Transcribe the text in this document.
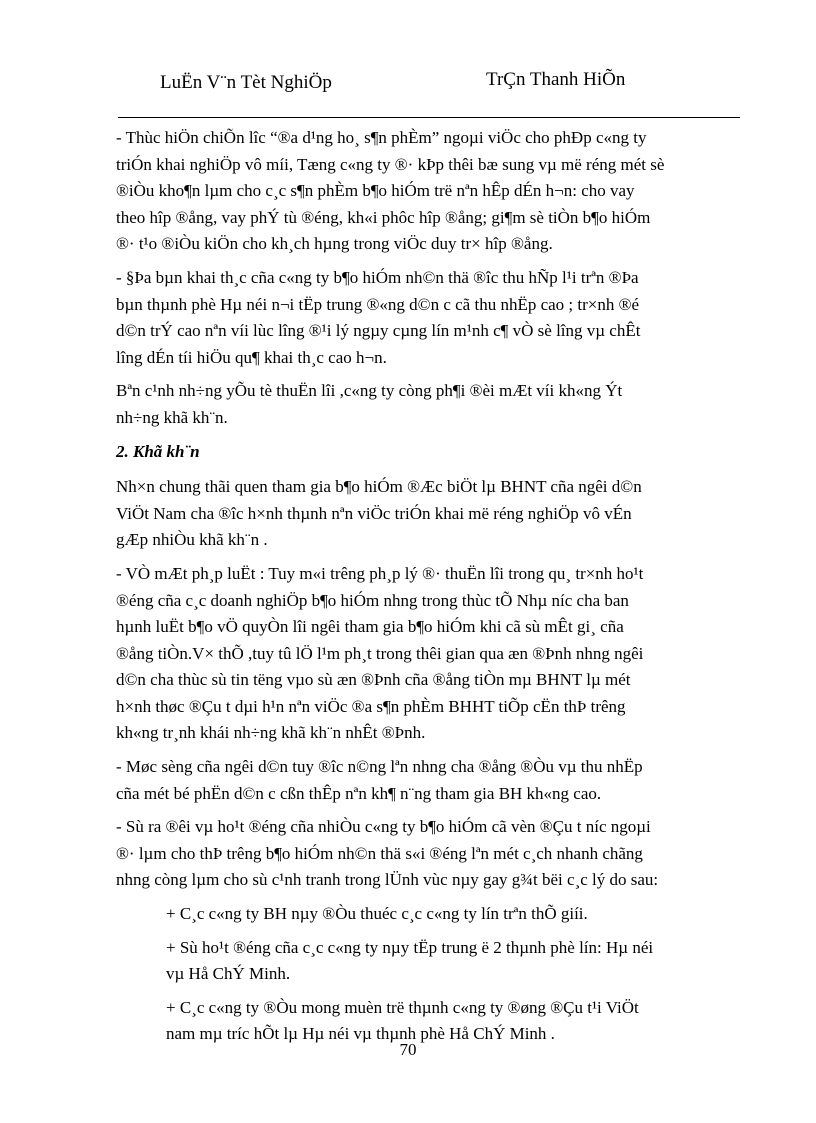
LuËn V¨n Tèt NghiÖp	TrÇn Thanh HiÕn

- Thùc hiÖn chiÕn lîc “®a d¹ng ho¸ s¶n phÈm” ngoµi viÖc cho phÐp c«ng ty
triÓn khai nghiÖp vô míi, Tæng c«ng ty ®· kÞp thêi bæ sung vµ më réng mét sè
®iÒu kho¶n lµm cho c¸c s¶n phÈm b¶o hiÓm trë nªn hÊp dÉn h¬n: cho vay
theo hîp ®ång, vay phÝ tù ®éng, kh«i phôc hîp ®ång; gi¶m sè tiÒn b¶o hiÓm
®· t¹o ®iÒu kiÖn cho kh¸ch hµng trong viÖc duy tr× hîp ®ång.

- §Þa bµn khai th¸c cña c«ng ty b¶o hiÓm nh©n thä ®îc thu hÑp l¹i trªn ®Þa
bµn thµnh phè Hµ néi n¬i tËp trung ®«ng d©n c cã thu nhËp cao ; tr×nh ®é
d©n trÝ cao nªn víi lùc lîng ®¹i lý ngµy cµng lín m¹nh c¶ vÒ sè lîng vµ chÊt
lîng dÉn tíi hiÖu qu¶ khai th¸c cao h¬n.

Bªn c¹nh nh÷ng yÕu tè thuËn lîi ,c«ng ty còng ph¶i ®èi mÆt víi kh«ng Ýt
nh÷ng khã kh¨n.

2. Khã kh¨n

Nh×n chung thãi quen tham gia b¶o hiÓm ®Æc biÖt lµ BHNT cña ngêi d©n
ViÖt Nam cha ®îc h×nh thµnh nªn viÖc triÓn khai më réng nghiÖp vô vÉn
gÆp nhiÒu khã kh¨n .

- VÒ mÆt ph¸p luËt : Tuy m«i trêng ph¸p lý ®· thuËn lîi trong qu¸ tr×nh ho¹t
®éng cña c¸c doanh nghiÖp b¶o hiÓm nhng trong thùc tÕ Nhµ níc cha ban
hµnh luËt b¶o vÖ quyÒn lîi ngêi tham gia b¶o hiÓm khi cã sù mÊt gi¸ cña
®ång tiÒn.V× thÕ ,tuy tû lÖ l¹m ph¸t trong thêi gian qua æn ®Þnh nhng ngêi
d©n cha thùc sù tin tëng vµo sù æn ®Þnh cña ®ång tiÒn mµ BHNT lµ mét
h×nh thøc ®Çu t dµi h¹n nªn viÖc ®a s¶n phÈm BHHT tiÕp cËn thÞ trêng
kh«ng tr¸nh khái nh÷ng khã kh¨n nhÊt ®Þnh.

- Møc sèng cña ngêi d©n tuy ®îc n©ng lªn nhng cha ®ång ®Òu vµ thu nhËp
cña mét bé phËn d©n c cßn thÊp nªn kh¶ n¨ng tham gia BH kh«ng cao.

- Sù ra ®êi vµ ho¹t ®éng cña nhiÒu c«ng ty b¶o hiÓm cã vèn ®Çu t níc ngoµi
®· lµm cho thÞ trêng b¶o hiÓm nh©n thä s«i ®éng lªn mét c¸ch nhanh chãng
nhng còng lµm cho sù c¹nh tranh trong lÜnh vùc nµy gay g¾t bëi c¸c lý do sau:

+ C¸c c«ng ty BH nµy ®Òu thuéc c¸c c«ng ty lín trªn thÕ giíi.

+ Sù ho¹t ®éng cña c¸c c«ng ty nµy tËp trung ë 2 thµnh phè lín: Hµ néi
vµ Hå ChÝ Minh.

+ C¸c c«ng ty ®Òu mong muèn trë thµnh c«ng ty ®øng ®Çu t¹i ViÖt
nam mµ tríc hÕt lµ Hµ néi vµ thµnh phè Hå ChÝ Minh .

70
